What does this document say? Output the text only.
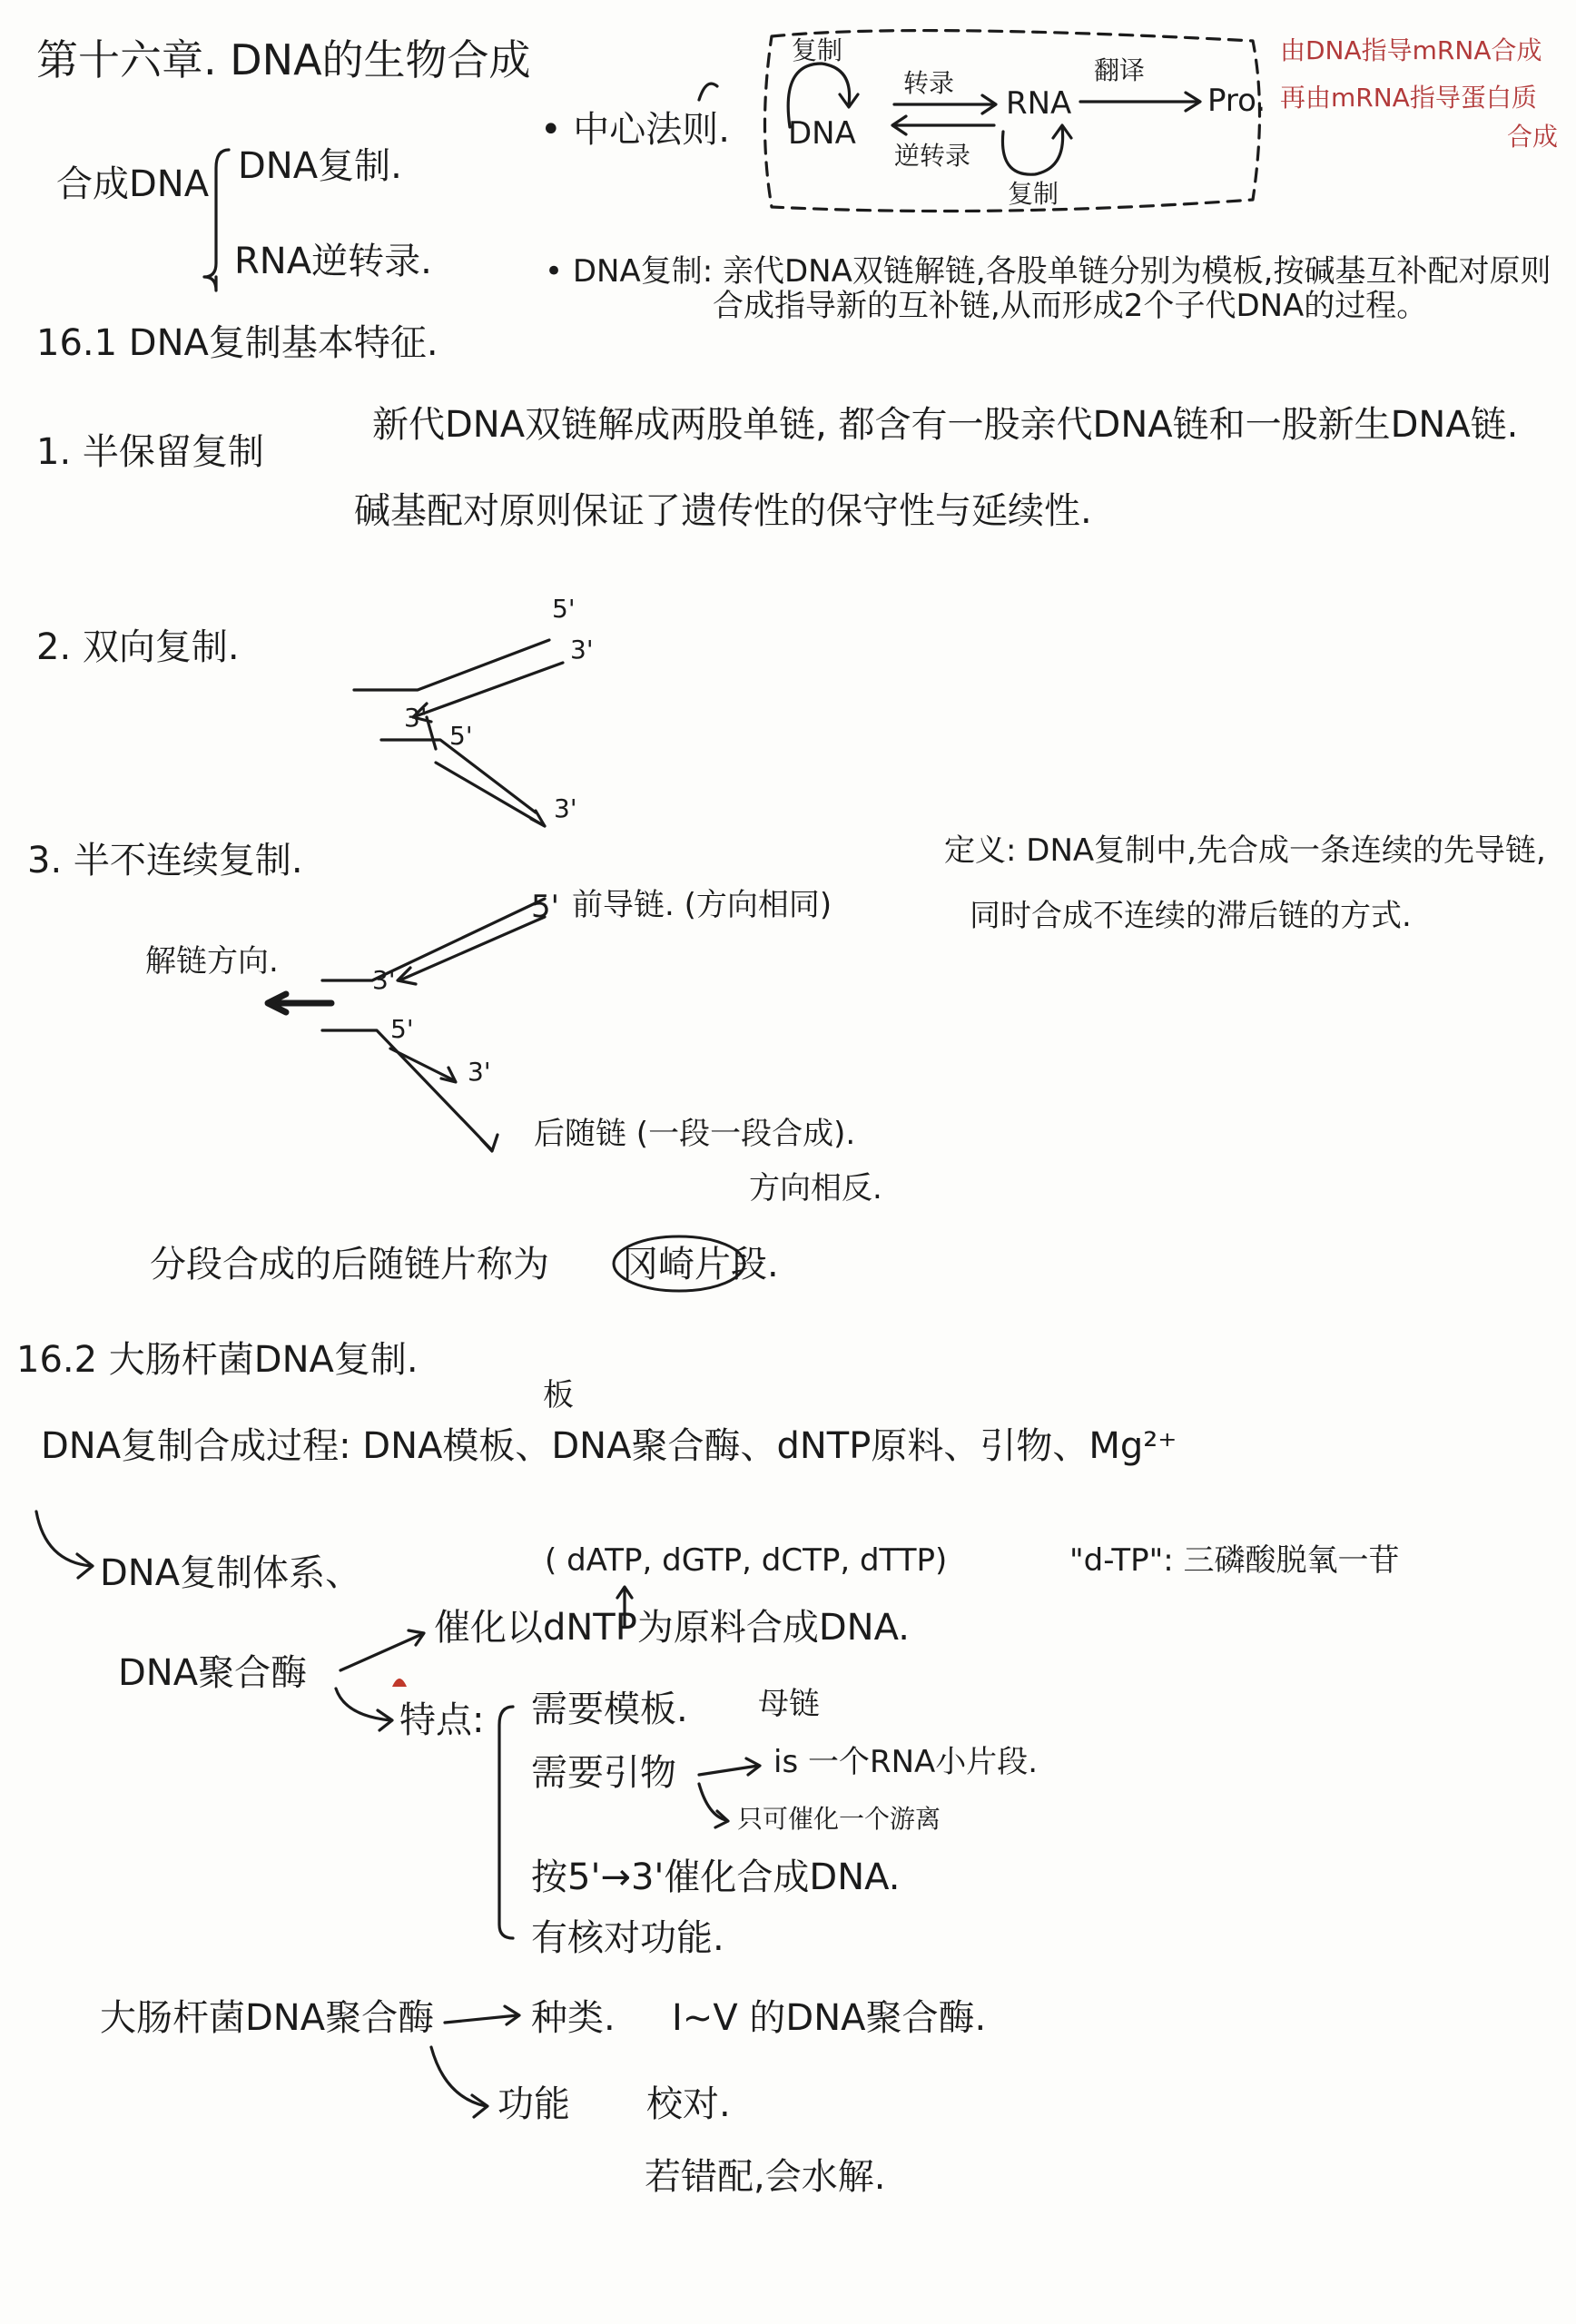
第十六章. DNA的生物合成
• 中心法则.
复制
DNA
转录
逆转录
RNA
复制
翻译
Pro.
由DNA指导mRNA合成
再由mRNA指导蛋白质
合成
合成DNA DNA复制.
RNA逆转录.	• DNA复制: 亲代DNA双链解链,各股单链分别为模板,按碱基互补配对原则
合成指导新的互补链,从而形成2个子代DNA的过程。
16.1 DNA复制基本特征.
1. 半保留复制
新代DNA双链解成两股单链, 都含有一股亲代DNA链和一股新生DNA链.
碱基配对原则保证了遗传性的保守性与延续性.
2. 双向复制.
5'
3'
3'
5'
3'
3. 半不连续复制.	定义: DNA复制中,先合成一条连续的先导链,
同时合成不连续的滞后链的方式.
5' 前导链. (方向相同)
解链方向.
3'
5'
3'
后随链 (一段一段合成).
方向相反.
分段合成的后随链片称为 冈崎片段.
16.2 大肠杆菌DNA复制.
板
DNA复制合成过程: DNA模板、DNA聚合酶、dNTP原料、引物、Mg²⁺
DNA复制体系、	( dATP, dGTP, dCTP, dTTP)	"d-TP": 三磷酸脱氧一苷
DNA聚合酶
催化以dNTP为原料合成DNA.
特点: 需要模板. 母链
需要引物	is 一个RNA小片段.
只可催化一个游离
按5'→3'催化合成DNA.
有核对功能.
大肠杆菌DNA聚合酶	种类. I~V 的DNA聚合酶.
功能 校对.
若错配,会水解.
